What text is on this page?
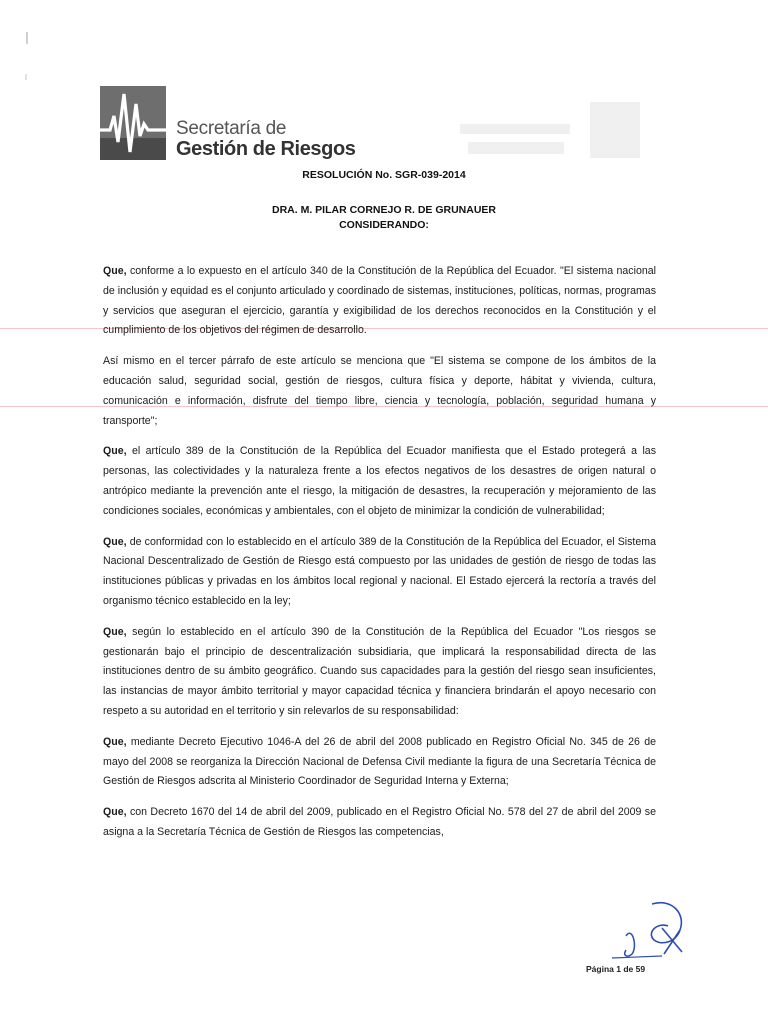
Secretaría de
Gestión de Riesgos
RESOLUCIÓN No. SGR-039-2014
DRA. M. PILAR CORNEJO R. DE GRUNAUER
CONSIDERANDO:

Que, conforme a lo expuesto en el artículo 340 de la Constitución de la República del Ecuador. "El sistema nacional de inclusión y equidad es el conjunto articulado y coordinado de sistemas, instituciones, políticas, normas, programas y servicios que aseguran el ejercicio, garantía y exigibilidad de los derechos reconocidos en la Constitución y el cumplimiento de los objetivos del régimen de desarrollo.

Así mismo en el tercer párrafo de este artículo se menciona que "El sistema se compone de los ámbitos de la educación salud, seguridad social, gestión de riesgos, cultura física y deporte, hábitat y vivienda, cultura, comunicación e información, disfrute del tiempo libre, ciencia y tecnología, población, seguridad humana y transporte";

Que, el artículo 389 de la Constitución de la República del Ecuador manifiesta que el Estado protegerá a las personas, las colectividades y la naturaleza frente a los efectos negativos de los desastres de origen natural o antrópico mediante la prevención ante el riesgo, la mitigación de desastres, la recuperación y mejoramiento de las condiciones sociales, económicas y ambientales, con el objeto de minimizar la condición de vulnerabilidad;

Que, de conformidad con lo establecido en el artículo 389 de la Constitución de la República del Ecuador, el Sistema Nacional Descentralizado de Gestión de Riesgo está compuesto por las unidades de gestión de riesgo de todas las instituciones públicas y privadas en los ámbitos local regional y nacional. El Estado ejercerá la rectoría a través del organismo técnico establecido en la ley;

Que, según lo establecido en el artículo 390 de la Constitución de la República del Ecuador "Los riesgos se gestionarán bajo el principio de descentralización subsidiaria, que implicará la responsabilidad directa de las instituciones dentro de su ámbito geográfico. Cuando sus capacidades para la gestión del riesgo sean insuficientes, las instancias de mayor ámbito territorial y mayor capacidad técnica y financiera brindarán el apoyo necesario con respeto a su autoridad en el territorio y sin relevarlos de su responsabilidad:

Que, mediante Decreto Ejecutivo 1046-A del 26 de abril del 2008 publicado en Registro Oficial No. 345 de 26 de mayo del 2008 se reorganiza la Dirección Nacional de Defensa Civil mediante la figura de una Secretaría Técnica de Gestión de Riesgos adscrita al Ministerio Coordinador de Seguridad Interna y Externa;

Que, con Decreto 1670 del 14 de abril del 2009, publicado en el Registro Oficial No. 578 del 27 de abril del 2009 se asigna a la Secretaría Técnica de Gestión de Riesgos las competencias,

Página 1 de 59
